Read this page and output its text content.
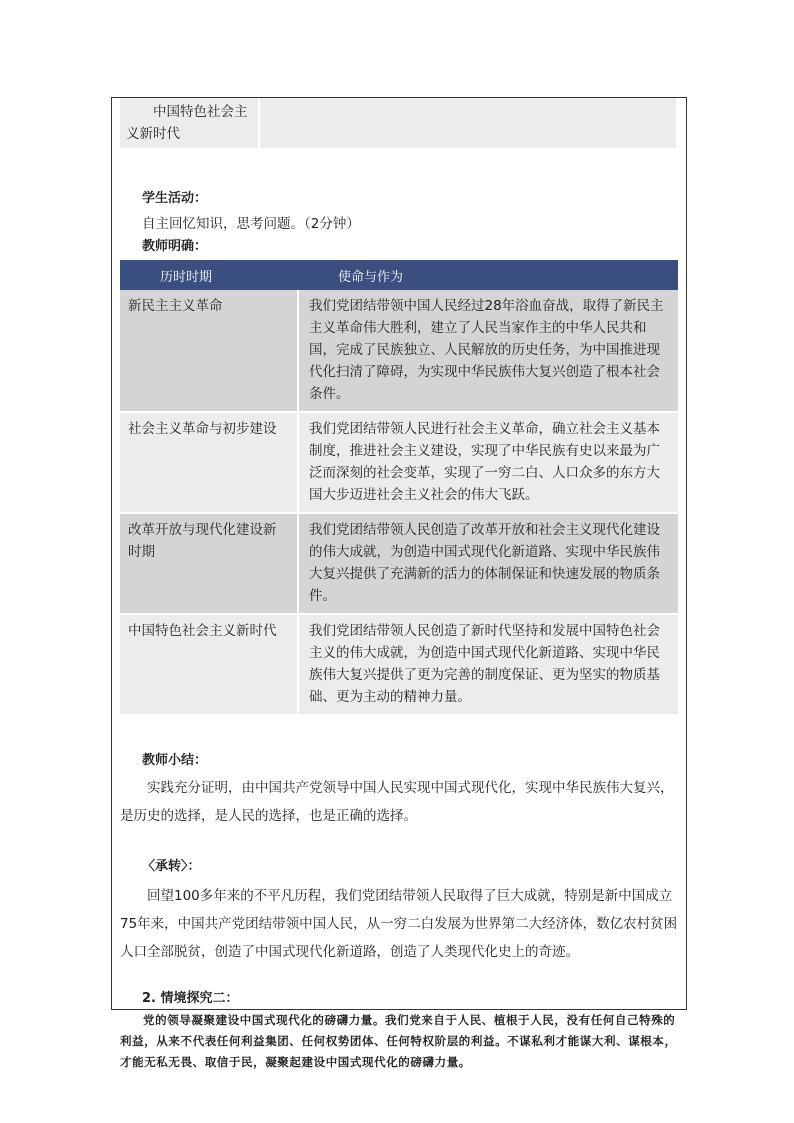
中国特色社会主义新时代	
学生活动：
自主回忆知识，思考问题。（2分钟）
教师明确：
历时时期	使命与作为
新民主主义革命	我们党团结带领中国人民经过28年浴血奋战，取得了新民主主义革命伟大胜利，建立了人民当家作主的中华人民共和国，完成了民族独立、人民解放的历史任务，为中国推进现代化扫清了障碍，为实现中华民族伟大复兴创造了根本社会条件。
社会主义革命与初步建设	我们党团结带领人民进行社会主义革命，确立社会主义基本制度，推进社会主义建设，实现了中华民族有史以来最为广泛而深刻的社会变革，实现了一穷二白、人口众多的东方大国大步迈进社会主义社会的伟大飞跃。
改革开放与现代化建设新时期	我们党团结带领人民创造了改革开放和社会主义现代化建设的伟大成就，为创造中国式现代化新道路、实现中华民族伟大复兴提供了充满新的活力的体制保证和快速发展的物质条件。
中国特色社会主义新时代	我们党团结带领人民创造了新时代坚持和发展中国特色社会主义的伟大成就，为创造中国式现代化新道路、实现中华民族伟大复兴提供了更为完善的制度保证、更为坚实的物质基础、更为主动的精神力量。
教师小结：

实践充分证明，由中国共产党领导中国人民实现中国式现代化，实现中华民族伟大复兴，是历史的选择，是人民的选择，也是正确的选择。

〈承转〉：

回望100多年来的不平凡历程，我们党团结带领人民取得了巨大成就，特别是新中国成立75年来，中国共产党团结带领中国人民，从一穷二白发展为世界第二大经济体，数亿农村贫困人口全部脱贫，创造了中国式现代化新道路，创造了人类现代化史上的奇迹。

2. 情境探究二：

党的领导凝聚建设中国式现代化的磅礴力量。我们党来自于人民、植根于人民，没有任何自己特殊的利益，从来不代表任何利益集团、任何权势团体、任何特权阶层的利益。不谋私利才能谋大利、谋根本，才能无私无畏、取信于民，凝聚起建设中国式现代化的磅礴力量。
